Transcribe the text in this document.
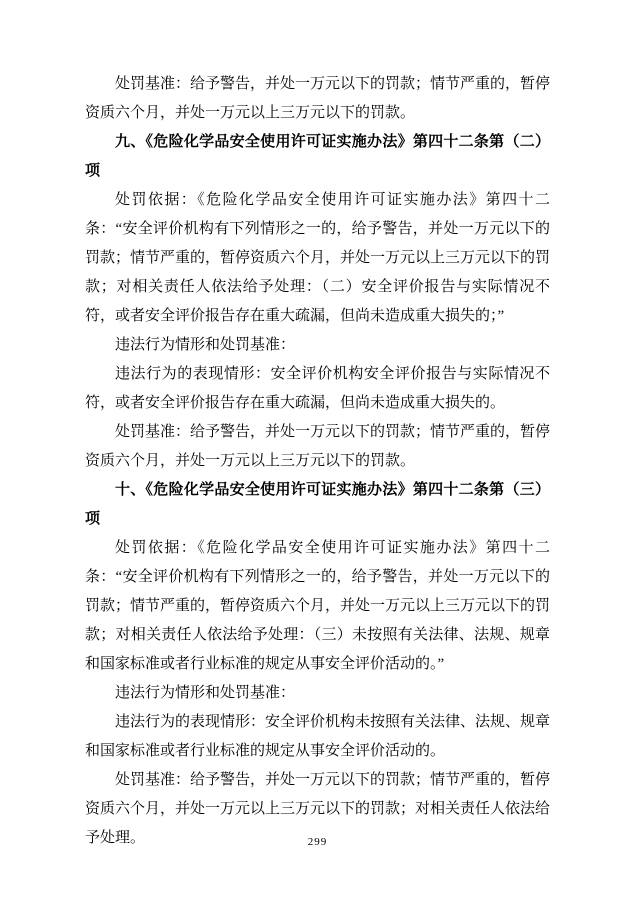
处罚基准：给予警告，并处一万元以下的罚款；情节严重的，暂停资质六个月，并处一万元以上三万元以下的罚款。

九、《危险化学品安全使用许可证实施办法》第四十二条第（二）项

处罚依据：《危险化学品安全使用许可证实施办法》第四十二条：“安全评价机构有下列情形之一的，给予警告，并处一万元以下的罚款；情节严重的，暂停资质六个月，并处一万元以上三万元以下的罚款；对相关责任人依法给予处理：（二）安全评价报告与实际情况不符，或者安全评价报告存在重大疏漏，但尚未造成重大损失的；”

违法行为情形和处罚基准：

违法行为的表现情形：安全评价机构安全评价报告与实际情况不符，或者安全评价报告存在重大疏漏，但尚未造成重大损失的。

处罚基准：给予警告，并处一万元以下的罚款；情节严重的，暂停资质六个月，并处一万元以上三万元以下的罚款。

十、《危险化学品安全使用许可证实施办法》第四十二条第（三）项

处罚依据：《危险化学品安全使用许可证实施办法》第四十二条：“安全评价机构有下列情形之一的，给予警告，并处一万元以下的罚款；情节严重的，暂停资质六个月，并处一万元以上三万元以下的罚款；对相关责任人依法给予处理：（三）未按照有关法律、法规、规章和国家标准或者行业标准的规定从事安全评价活动的。”

违法行为情形和处罚基准：

违法行为的表现情形：安全评价机构未按照有关法律、法规、规章和国家标准或者行业标准的规定从事安全评价活动的。

处罚基准：给予警告，并处一万元以下的罚款；情节严重的，暂停资质六个月，并处一万元以上三万元以下的罚款；对相关责任人依法给予处理。	299
